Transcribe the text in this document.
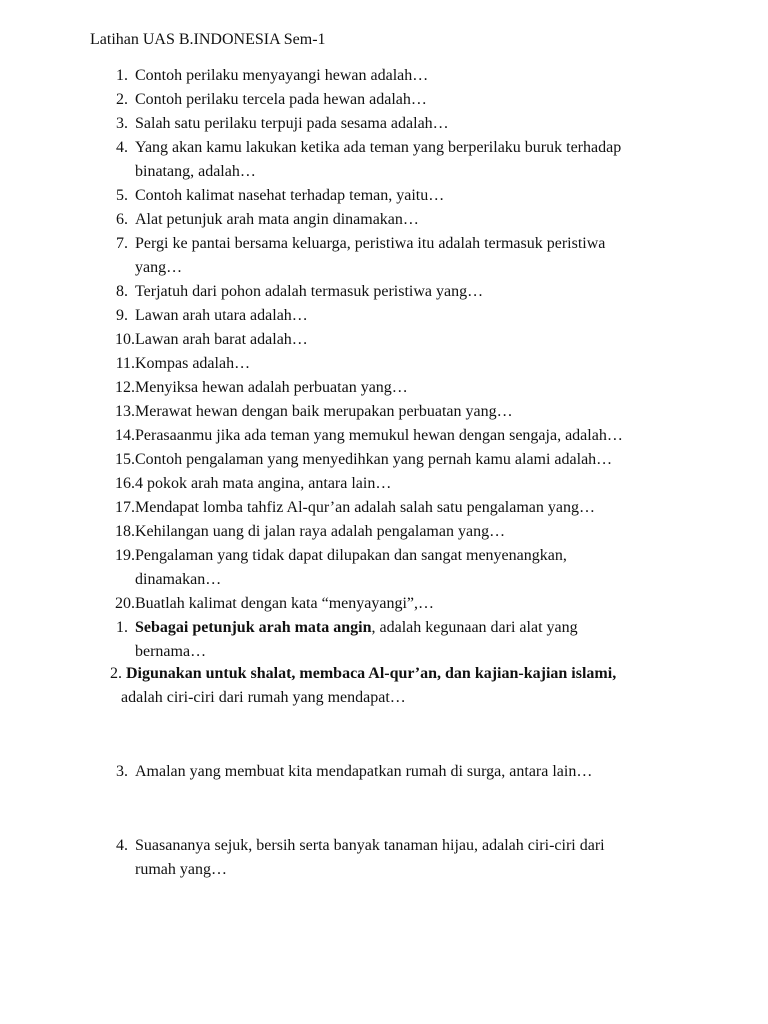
Latihan UAS B.INDONESIA Sem-1
1. Contoh perilaku menyayangi hewan adalah…
2. Contoh perilaku tercela pada hewan adalah…
3. Salah satu perilaku terpuji pada sesama adalah…
4. Yang akan kamu lakukan ketika ada teman yang berperilaku buruk terhadap
binatang, adalah…
5. Contoh kalimat nasehat terhadap teman, yaitu…
6. Alat petunjuk arah mata angin dinamakan…
7. Pergi ke pantai bersama keluarga, peristiwa itu adalah termasuk peristiwa
yang…
8. Terjatuh dari pohon adalah termasuk peristiwa yang…
9. Lawan arah utara adalah…
10. Lawan arah barat adalah…
11. Kompas adalah…
12. Menyiksa hewan adalah perbuatan yang…
13. Merawat hewan dengan baik merupakan perbuatan yang…
14. Perasaanmu jika ada teman yang memukul hewan dengan sengaja, adalah…
15. Contoh pengalaman yang menyedihkan yang pernah kamu alami adalah…
16. 4 pokok arah mata angina, antara lain…
17. Mendapat lomba tahfiz Al-qur’an adalah salah satu pengalaman yang…
18. Kehilangan uang di jalan raya adalah pengalaman yang…
19. Pengalaman yang tidak dapat dilupakan dan sangat menyenangkan,
dinamakan…
20. Buatlah kalimat dengan kata “menyayangi”,…
1. Sebagai petunjuk arah mata angin, adalah kegunaan dari alat yang
bernama…
2. Digunakan untuk shalat, membaca Al-qur’an, dan kajian-kajian islami,
adalah ciri-ciri dari rumah yang mendapat…
3. Amalan yang membuat kita mendapatkan rumah di surga, antara lain…
4. Suasananya sejuk, bersih serta banyak tanaman hijau, adalah ciri-ciri dari
rumah yang…
